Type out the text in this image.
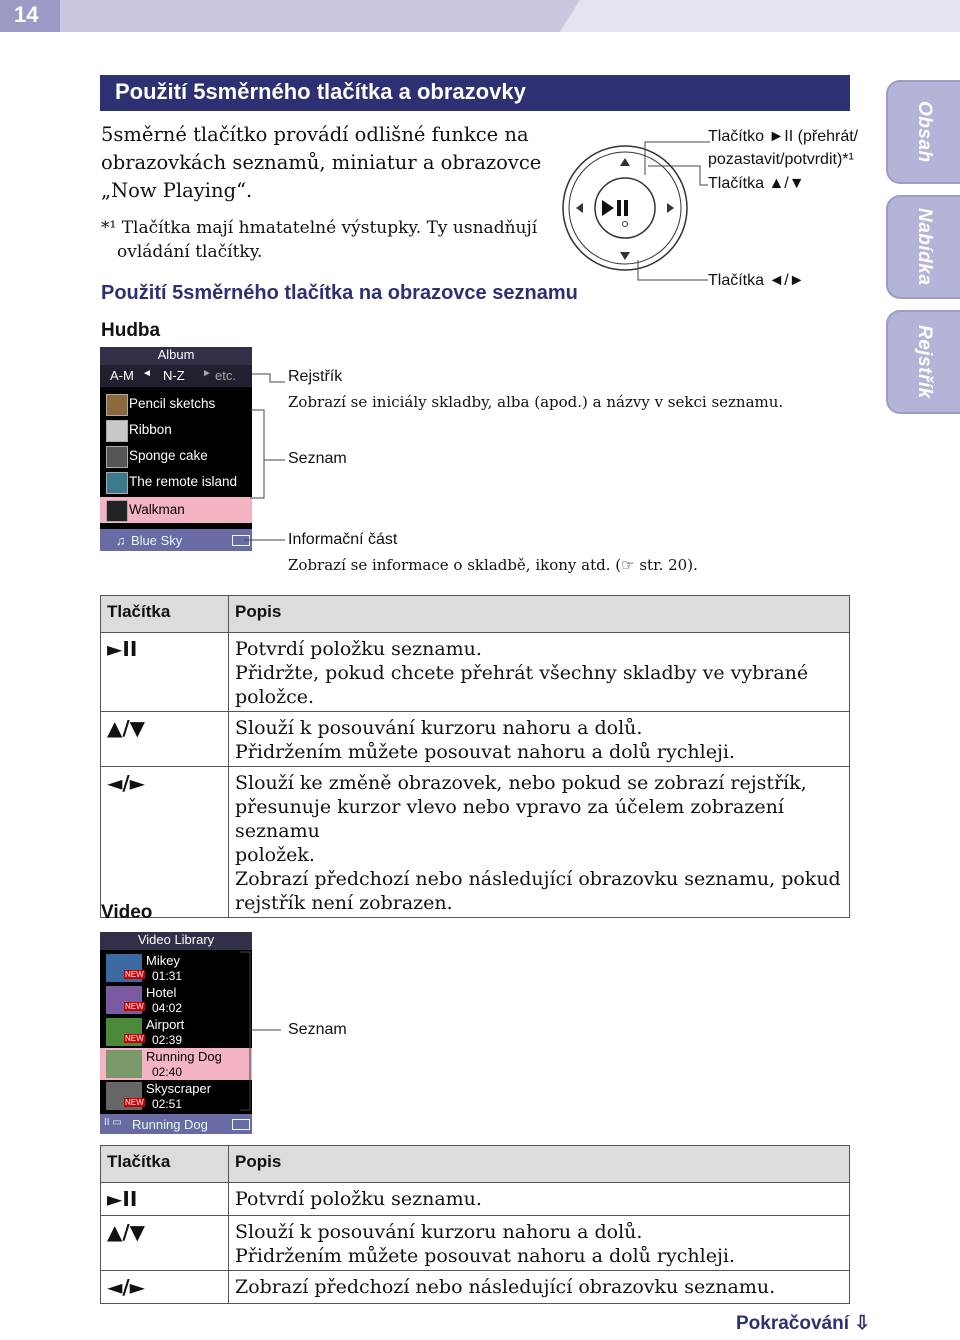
14
Obsah
Nabídka
Rejstřík
Použití 5směrného tlačítka a obrazovky
5směrné tlačítko provádí odlišné funkce na
obrazovkách seznamů, miniatur a obrazovce
„Now Playing“.
*¹ Tlačítka mají hmatatelné výstupky. Ty usnadňují
ovládání tlačítky.
Tlačítko ►II (přehrát/
pozastavit/potvrdit)*¹
Tlačítka ▲/▼
Tlačítka ◄/►
Použití 5směrného tlačítka na obrazovce seznamu
Hudba
Album
A-M ◄ N-Z ► etc.
Pencil sketchs
Ribbon
Sponge cake
The remote island
Walkman
♫ Blue Sky
Rejstřík
Zobrazí se iniciály skladby, alba (apod.) a názvy v sekci seznamu.
Seznam
Informační část
Zobrazí se informace o skladbě, ikony atd. (☞ str. 20).
Tlačítka	Popis
►II	Potvrdí položku seznamu.
Přidržte, pokud chcete přehrát všechny skladby ve vybrané
položce.

▲/▼	Slouží k posouvání kurzoru nahoru a dolů.
Přidržením můžete posouvat nahoru a dolů rychleji.

◄/►	Slouží ke změně obrazovek, nebo pokud se zobrazí rejstřík,
přesunuje kurzor vlevo nebo vpravo za účelem zobrazení seznamu
položek.
Zobrazí předchozí nebo následující obrazovku seznamu, pokud
rejstřík není zobrazen.
Video
Video Library
NEW
Mikey
01:31
NEW
Hotel
04:02
NEW
Airport
02:39
Running Dog
02:40
NEW
Skyscraper
02:51
II ▭ Running Dog
Seznam
Tlačítka	Popis
►II	Potvrdí položku seznamu.

▲/▼	Slouží k posouvání kurzoru nahoru a dolů.
Přidržením můžete posouvat nahoru a dolů rychleji.

◄/►	Zobrazí předchozí nebo následující obrazovku seznamu.
Pokračování ⇩
